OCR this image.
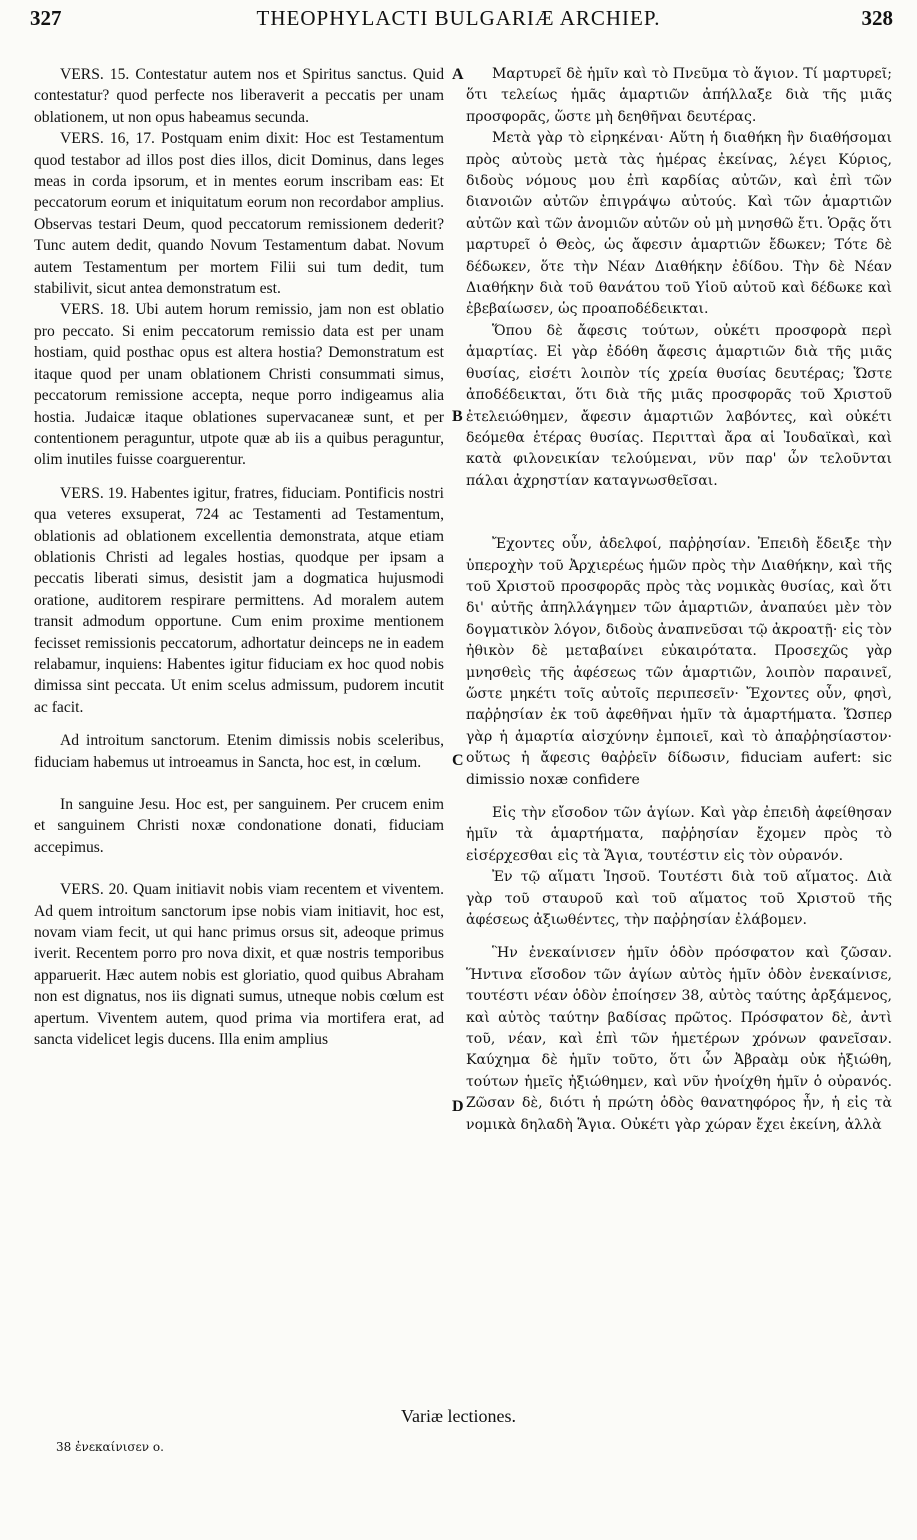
327	THEOPHYLACTI BULGARIÆ ARCHIEP.	328

VERS. 15. Contestatur autem nos et Spiritus sanctus. Quid contestatur? quod perfecte nos liberaverit a peccatis per unam oblationem, ut non opus habeamus secunda.

VERS. 16, 17. Postquam enim dixit: Hoc est Testamentum quod testabor ad illos post dies illos, dicit Dominus, dans leges meas in corda ipsorum, et in mentes eorum inscribam eas: Et peccatorum eorum et iniquitatum eorum non recordabor amplius. Observas testari Deum, quod peccatorum remissionem dederit? Tunc autem dedit, quando Novum Testamentum dabat. Novum autem Testamentum per mortem Filii sui tum dedit, tum stabilivit, sicut antea demonstratum est.

VERS. 18. Ubi autem horum remissio, jam non est oblatio pro peccato. Si enim peccatorum remissio data est per unam hostiam, quid posthac opus est altera hostia? Demonstratum est itaque quod per unam oblationem Christi consummati simus, peccatorum remissione accepta, neque porro indigeamus alia hostia. Judaicæ itaque oblationes supervacaneæ sunt, et per contentionem peraguntur, utpote quæ ab iis a quibus peraguntur, olim inutiles fuisse coarguerentur.

VERS. 19. Habentes igitur, fratres, fiduciam. Pontificis nostri qua veteres exsuperat, 724 ac Testamenti ad Testamentum, oblationis ad oblationem excellentia demonstrata, atque etiam oblationis Christi ad legales hostias, quodque per ipsam a peccatis liberati simus, desistit jam a dogmatica hujusmodi oratione, auditorem respirare permittens. Ad moralem autem transit admodum opportune. Cum enim proxime mentionem fecisset remissionis peccatorum, adhortatur deinceps ne in eadem relabamur, inquiens: Habentes igitur fiduciam ex hoc quod nobis dimissa sint peccata. Ut enim scelus admissum, pudorem incutit ac facit.

Ad introitum sanctorum. Etenim dimissis nobis sceleribus, fiduciam habemus ut introeamus in Sancta, hoc est, in cœlum.

In sanguine Jesu. Hoc est, per sanguinem. Per crucem enim et sanguinem Christi noxæ condonatione donati, fiduciam accepimus.

VERS. 20. Quam initiavit nobis viam recentem et viventem. Ad quem introitum sanctorum ipse nobis viam initiavit, hoc est, novam viam fecit, ut qui hanc primus orsus sit, adeoque primus iverit. Recentem porro pro nova dixit, et quæ nostris temporibus apparuerit. Hæc autem nobis est gloriatio, quod quibus Abraham non est dignatus, nos iis dignati sumus, utneque nobis cœlum est apertum. Viventem autem, quod prima via mortifera erat, ad sancta videlicet legis ducens. Illa enim amplius

A
B
C
D

Μαρτυρεῖ δὲ ἡμῖν καὶ τὸ Πνεῦμα τὸ ἅγιον. Τί μαρτυρεῖ; ὅτι τελείως ἡμᾶς ἁμαρτιῶν ἀπήλλαξε διὰ τῆς μιᾶς προσφορᾶς, ὥστε μὴ δεηθῆναι δευτέρας.

Μετὰ γὰρ τὸ εἰρηκέναι· Αὕτη ἡ διαθήκη ἣν διαθήσομαι πρὸς αὐτοὺς μετὰ τὰς ἡμέρας ἐκείνας, λέγει Κύριος, διδοὺς νόμους μου ἐπὶ καρδίας αὐτῶν, καὶ ἐπὶ τῶν διανοιῶν αὐτῶν ἐπιγράψω αὐτούς. Καὶ τῶν ἁμαρτιῶν αὐτῶν καὶ τῶν ἀνομιῶν αὐτῶν οὐ μὴ μνησθῶ ἔτι. Ὁρᾷς ὅτι μαρτυρεῖ ὁ Θεὸς, ὡς ἄφεσιν ἁμαρτιῶν ἔδωκεν; Τότε δὲ δέδωκεν, ὅτε τὴν Νέαν Διαθήκην ἐδίδου. Τὴν δὲ Νέαν Διαθήκην διὰ τοῦ θανάτου τοῦ Υἱοῦ αὐτοῦ καὶ δέδωκε καὶ ἐβεβαίωσεν, ὡς προαποδέδεικται.

Ὅπου δὲ ἄφεσις τούτων, οὐκέτι προσφορὰ περὶ ἁμαρτίας. Εἰ γὰρ ἐδόθη ἄφεσις ἁμαρτιῶν διὰ τῆς μιᾶς θυσίας, εἰσέτι λοιπὸν τίς χρεία θυσίας δευτέρας; Ὥστε ἀποδέδεικται, ὅτι διὰ τῆς μιᾶς προσφορᾶς τοῦ Χριστοῦ ἐτελειώθημεν, ἄφεσιν ἁμαρτιῶν λαβόντες, καὶ οὐκέτι δεόμεθα ἑτέρας θυσίας. Περιτταὶ ἄρα αἱ Ἰουδαϊκαὶ, καὶ κατὰ φιλονεικίαν τελούμεναι, νῦν παρ' ὧν τελοῦνται πάλαι ἀχρηστίαν καταγνωσθεῖσαι.

Ἔχοντες οὖν, ἀδελφοί, παῤῥησίαν. Ἐπειδὴ ἔδειξε τὴν ὑπεροχὴν τοῦ Ἀρχιερέως ἡμῶν πρὸς τὴν Διαθήκην, καὶ τῆς τοῦ Χριστοῦ προσφορᾶς πρὸς τὰς νομικὰς θυσίας, καὶ ὅτι δι' αὐτῆς ἀπηλλάγημεν τῶν ἁμαρτιῶν, ἀναπαύει μὲν τὸν δογματικὸν λόγον, διδοὺς ἀναπνεῦσαι τῷ ἀκροατῇ· εἰς τὸν ἠθικὸν δὲ μεταβαίνει εὐκαιρότατα. Προσεχῶς γὰρ μνησθεὶς τῆς ἀφέσεως τῶν ἁμαρτιῶν, λοιπὸν παραινεῖ, ὥστε μηκέτι τοῖς αὐτοῖς περιπεσεῖν· Ἔχοντες οὖν, φησὶ, παῤῥησίαν ἐκ τοῦ ἀφεθῆναι ἡμῖν τὰ ἁμαρτήματα. Ὥσπερ γὰρ ἡ ἁμαρτία αἰσχύνην ἐμποιεῖ, καὶ τὸ ἀπαῤῥησίαστον· οὕτως ἡ ἄφεσις θαῤῥεῖν δίδωσιν, fiduciam aufert: sic dimissio noxæ confidere

Εἰς τὴν εἴσοδον τῶν ἁγίων. Καὶ γὰρ ἐπειδὴ ἀφείθησαν ἡμῖν τὰ ἁμαρτήματα, παῤῥησίαν ἔχομεν πρὸς τὸ εἰσέρχεσθαι εἰς τὰ Ἅγια, τουτέστιν εἰς τὸν οὐρανόν.

Ἐν τῷ αἵματι Ἰησοῦ. Τουτέστι διὰ τοῦ αἵματος. Διὰ γὰρ τοῦ σταυροῦ καὶ τοῦ αἵματος τοῦ Χριστοῦ τῆς ἀφέσεως ἀξιωθέντες, τὴν παῤῥησίαν ἐλάβομεν.

Ἣν ἐνεκαίνισεν ἡμῖν ὁδὸν πρόσφατον καὶ ζῶσαν. Ἥντινα εἴσοδον τῶν ἁγίων αὐτὸς ἡμῖν ὁδὸν ἐνεκαίνισε, τουτέστι νέαν ὁδὸν ἐποίησεν 38, αὐτὸς ταύτης ἀρξάμενος, καὶ αὐτὸς ταύτην βαδίσας πρῶτος. Πρόσφατον δὲ, ἀντὶ τοῦ, νέαν, καὶ ἐπὶ τῶν ἡμετέρων χρόνων φανεῖσαν. Καύχημα δὲ ἡμῖν τοῦτο, ὅτι ὧν Ἀβραὰμ οὐκ ἠξιώθη, τούτων ἡμεῖς ἠξιώθημεν, καὶ νῦν ἠνοίχθη ἡμῖν ὁ οὐρανός. Ζῶσαν δὲ, διότι ἡ πρώτη ὁδὸς θανατηφόρος ἦν, ἡ εἰς τὰ νομικὰ δηλαδὴ Ἅγια. Οὐκέτι γὰρ χώραν ἔχει ἐκείνη, ἀλλὰ

Variæ lectiones.
38 ἐνεκαίνισεν ο.
